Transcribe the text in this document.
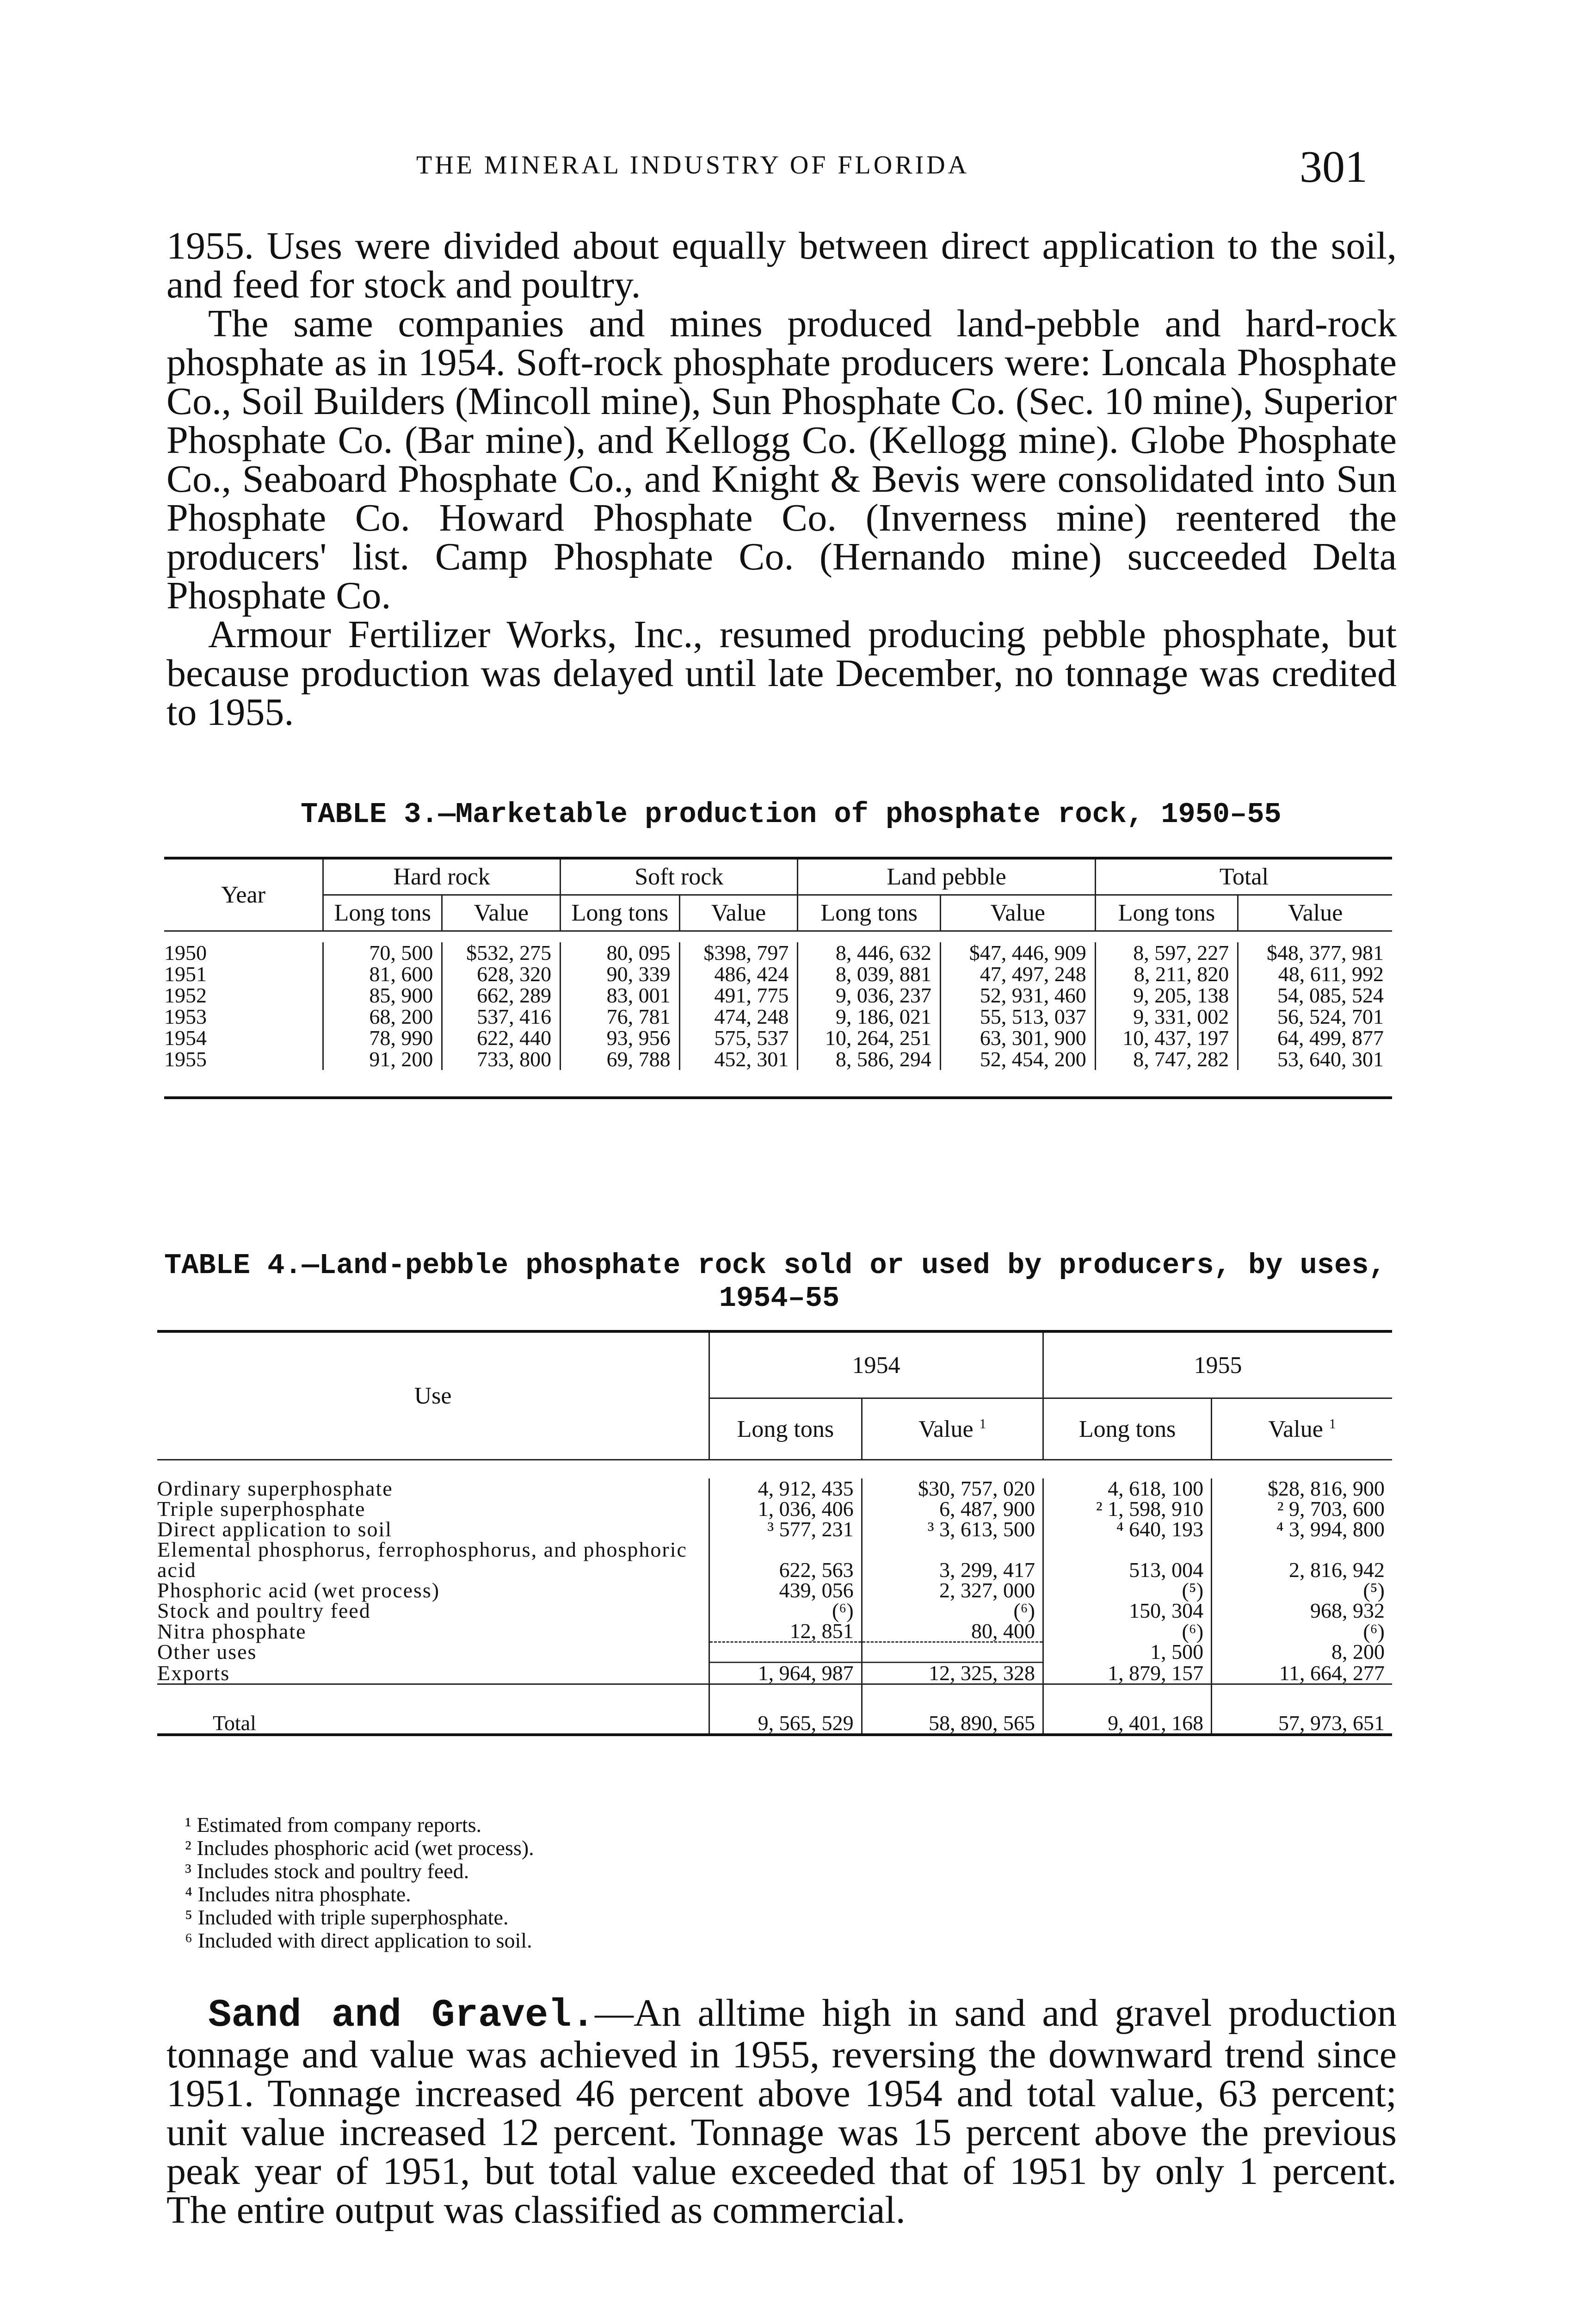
THE MINERAL INDUSTRY OF FLORIDA	301

1955. Uses were divided about equally between direct application to the soil, and feed for stock and poultry.

The same companies and mines produced land-pebble and hard-rock phosphate as in 1954. Soft-rock phosphate producers were: Loncala Phosphate Co., Soil Builders (Mincoll mine), Sun Phosphate Co. (Sec. 10 mine), Superior Phosphate Co. (Bar mine), and Kellogg Co. (Kellogg mine). Globe Phosphate Co., Seaboard Phosphate Co., and Knight & Bevis were consolidated into Sun Phosphate Co. Howard Phosphate Co. (Inverness mine) reentered the producers' list. Camp Phosphate Co. (Hernando mine) succeeded Delta Phosphate Co.

Armour Fertilizer Works, Inc., resumed producing pebble phosphate, but because production was delayed until late December, no tonnage was credited to 1955.

TABLE 3.—Marketable production of phosphate rock, 1950–55
Year	Hard rock		Soft rock		Land pebble		Total	
	Long tons	Value	Long tons	Value	Long tons	Value	Long tons	Value

1950	70, 500	$532, 275	80, 095	$398, 797	8, 446, 632	$47, 446, 909	8, 597, 227	$48, 377, 981
1951	81, 600	628, 320	90, 339	486, 424	8, 039, 881	47, 497, 248	8, 211, 820	48, 611, 992
1952	85, 900	662, 289	83, 001	491, 775	9, 036, 237	52, 931, 460	9, 205, 138	54, 085, 524
1953	68, 200	537, 416	76, 781	474, 248	9, 186, 021	55, 513, 037	9, 331, 002	56, 524, 701
1954	78, 990	622, 440	93, 956	575, 537	10, 264, 251	63, 301, 900	10, 437, 197	64, 499, 877
1955	91, 200	733, 800	69, 788	452, 301	8, 586, 294	52, 454, 200	8, 747, 282	53, 640, 301

TABLE 4.—Land-pebble phosphate rock sold or used by producers, by uses,
1954–55
Use	1954		1955	
	Long tons	Value $^1$	Long tons	Value $^1$

Ordinary superphosphate	4, 912, 435	$30, 757, 020	4, 618, 100	$28, 816, 900
Triple superphosphate	1, 036, 406	6, 487, 900	² 1, 598, 910	² 9, 703, 600
Direct application to soil	³ 577, 231	³ 3, 613, 500	⁴ 640, 193	⁴ 3, 994, 800
Elemental phosphorus, ferrophosphorus, and phosphoric acid	622, 563	3, 299, 417	513, 004	2, 816, 942
Phosphoric acid (wet process)	439, 056	2, 327, 000	(⁵)	(⁵)
Stock and poultry feed	(⁶)	(⁶)	150, 304	968, 932
Nitra phosphate	12, 851	80, 400	(⁶)	(⁶)
Other uses			1, 500	8, 200
Exports	1, 964, 987	12, 325, 328	1, 879, 157	11, 664, 277
Total	9, 565, 529	58, 890, 565	9, 401, 168	57, 973, 651
¹ Estimated from company reports.
² Includes phosphoric acid (wet process).
³ Includes stock and poultry feed.
⁴ Includes nitra phosphate.
⁵ Included with triple superphosphate.
⁶ Included with direct application to soil.

Sand and Gravel.—An alltime high in sand and gravel production tonnage and value was achieved in 1955, reversing the downward trend since 1951. Tonnage increased 46 percent above 1954 and total value, 63 percent; unit value increased 12 percent. Tonnage was 15 percent above the previous peak year of 1951, but total value exceeded that of 1951 by only 1 percent. The entire output was classified as commercial.
